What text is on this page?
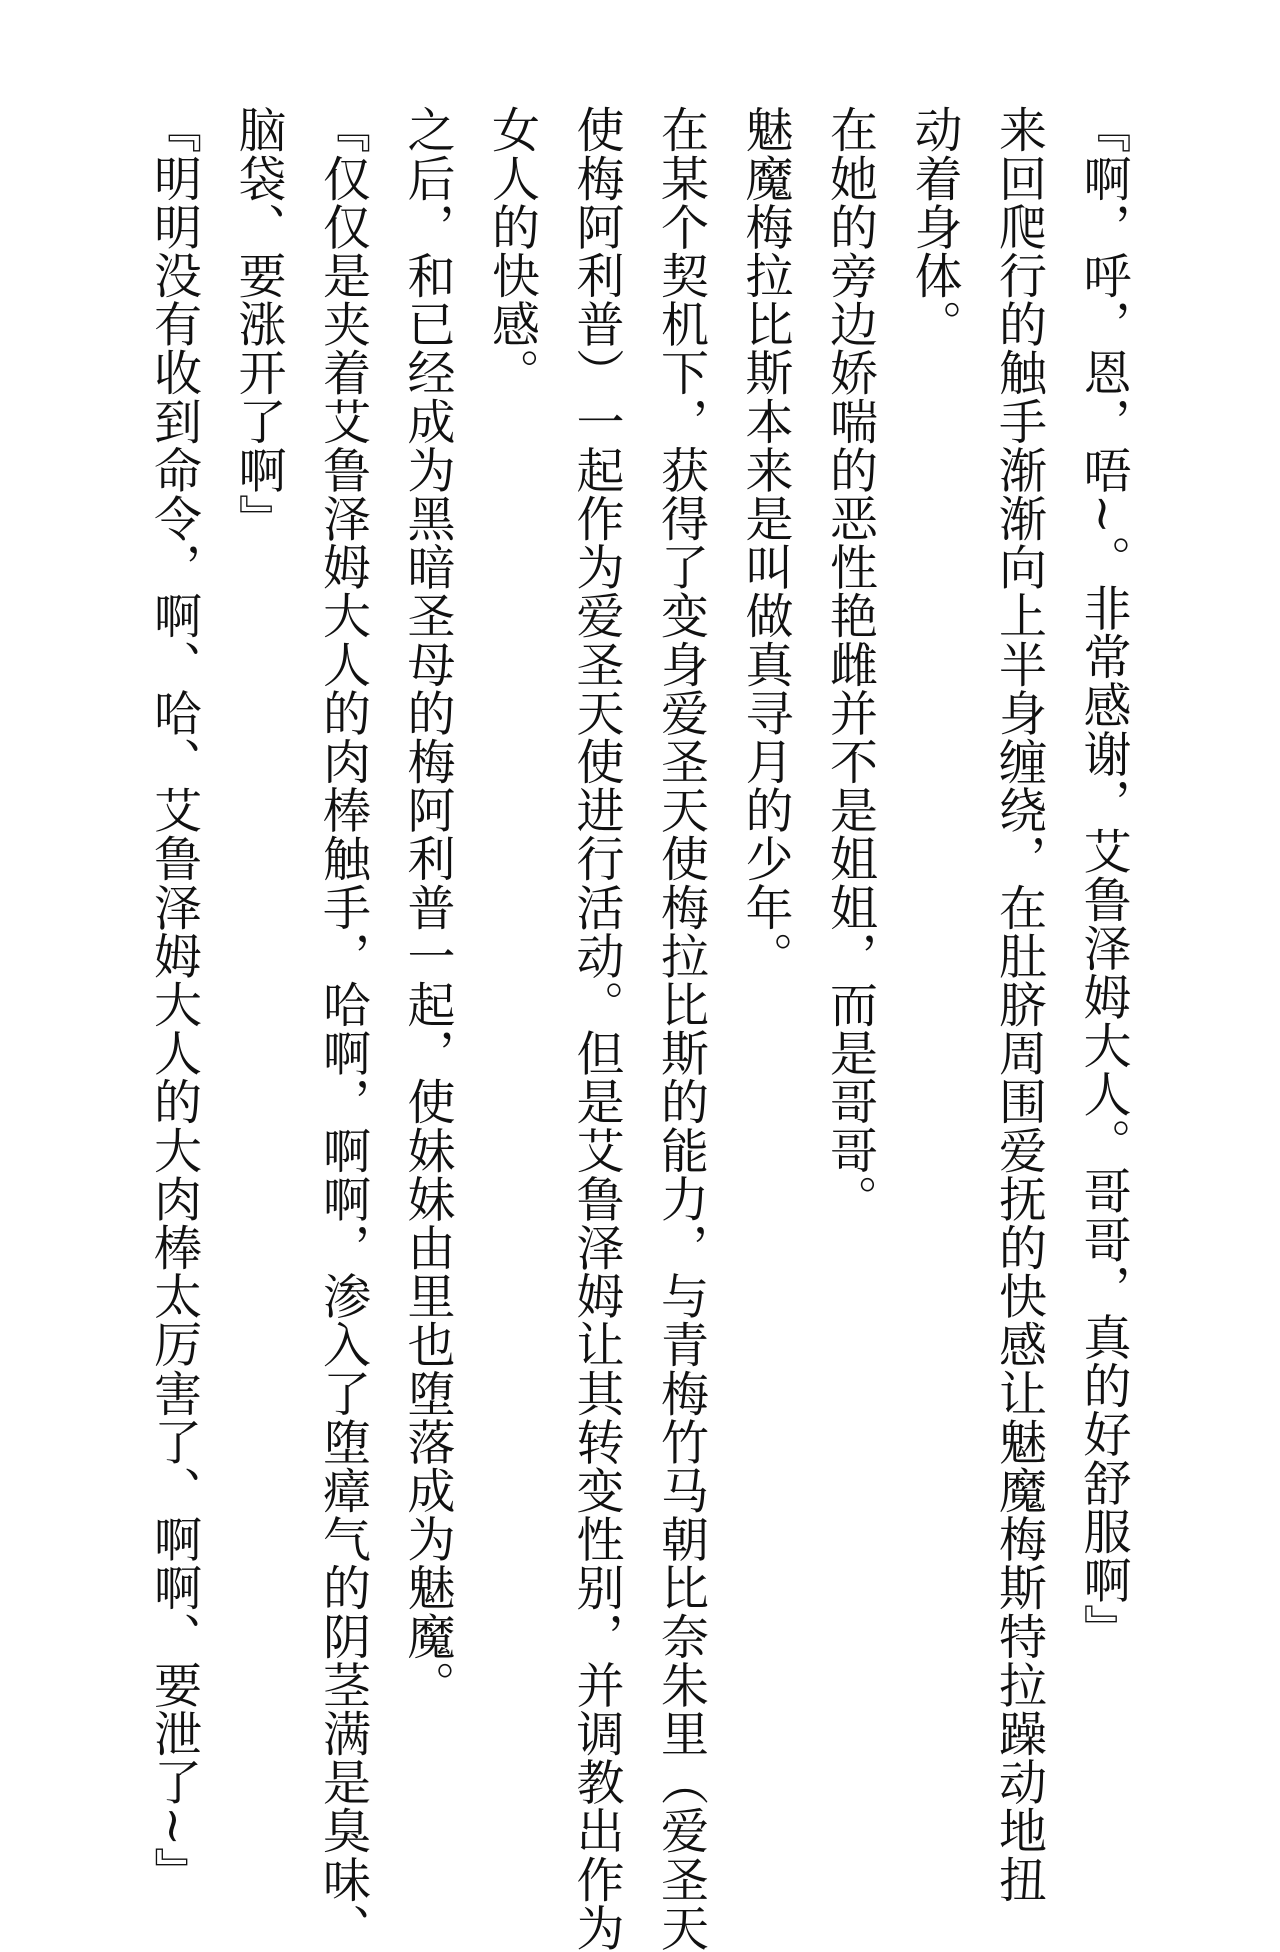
『啊，呼，恩，唔~。非常感谢，艾鲁泽姆大人。哥哥，真的好舒服啊』
来回爬行的触手渐渐向上半身缠绕，在肚脐周围爱抚的快感让魅魔梅斯特拉躁动地扭
动着身体。
在她的旁边娇喘的恶性艳雌并不是姐姐，而是哥哥。
魅魔梅拉比斯本来是叫做真寻月的少年。
在某个契机下，获得了变身爱圣天使梅拉比斯的能力，与青梅竹马朝比奈朱里（爱圣天
使梅阿利普）一起作为爱圣天使进行活动。但是艾鲁泽姆让其转变性别，并调教出作为
女人的快感。
之后，和已经成为黑暗圣母的梅阿利普一起，使妹妹由里也堕落成为魅魔。
『仅仅是夹着艾鲁泽姆大人的肉棒触手，哈啊，啊啊，渗入了堕瘴气的阴茎满是臭味、
脑袋、要涨开了啊』
『明明没有收到命令，啊、哈、艾鲁泽姆大人的大肉棒太厉害了、啊啊、要泄了~』
